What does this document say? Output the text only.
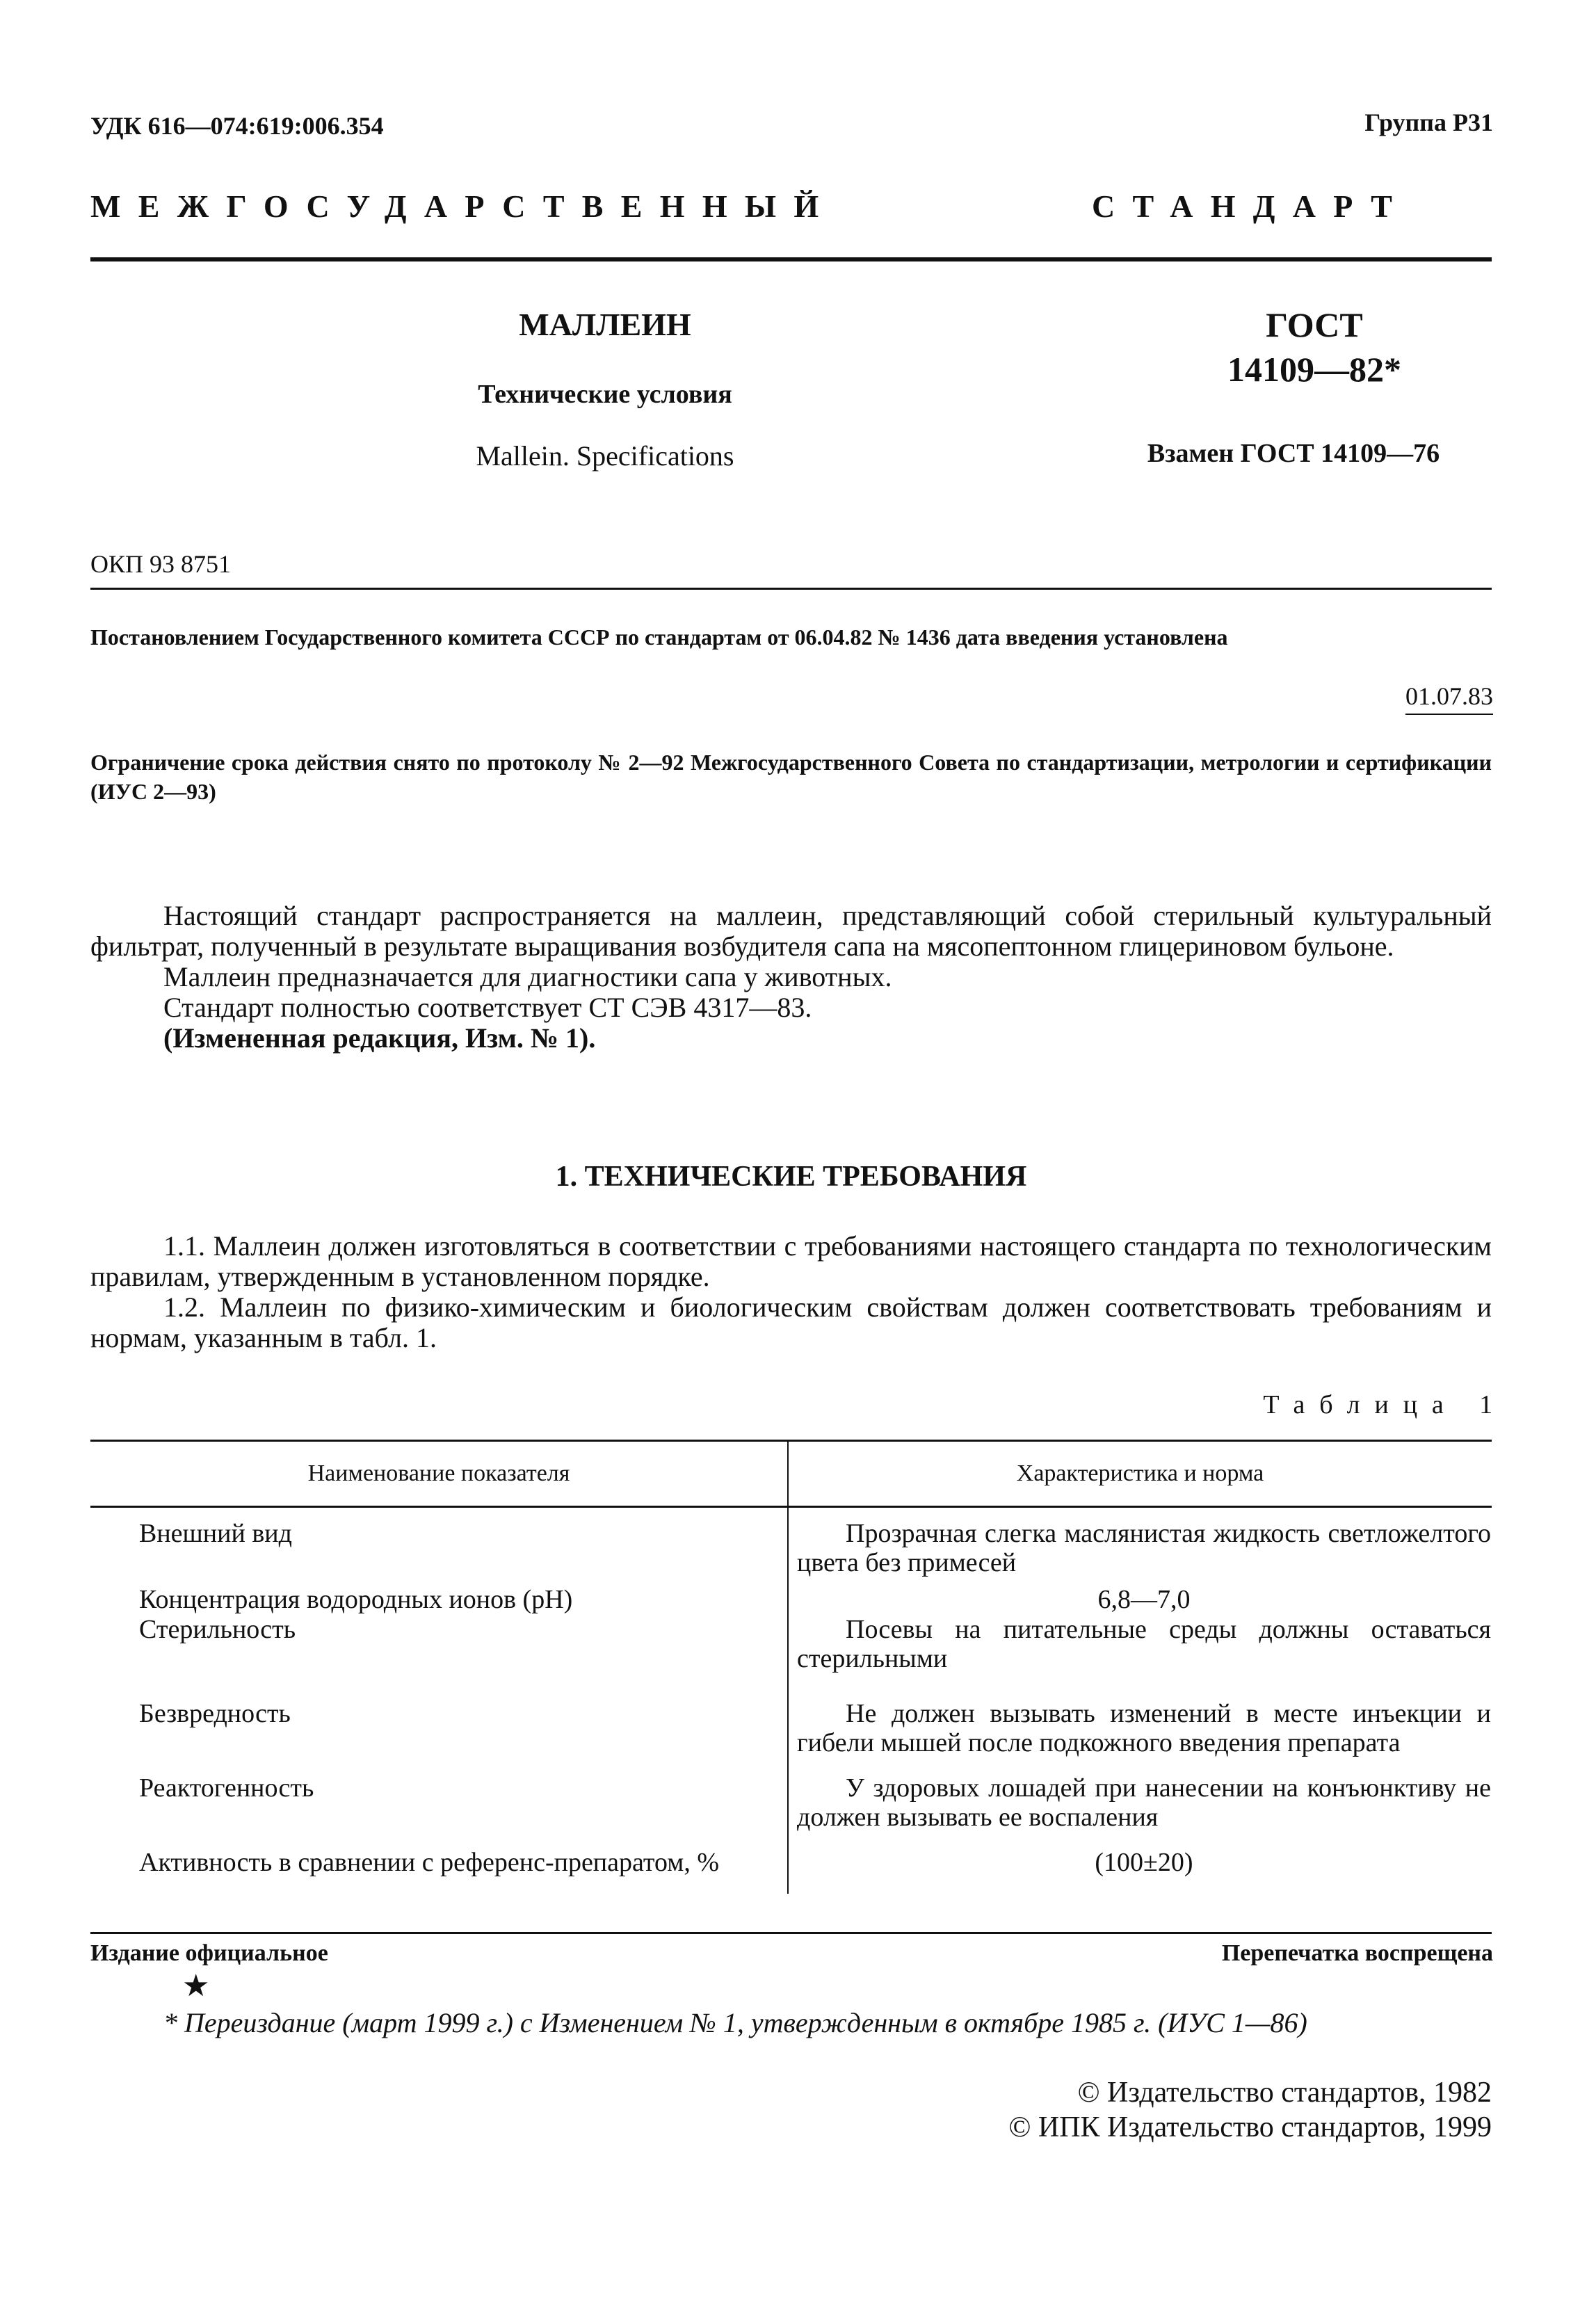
УДК 616—074:619:006.354	Группа Р31
МЕЖГОСУДАРСТВЕННЫЙ	СТАНДАРТ
МАЛЛЕИН
Технические условия
Mallein. Specifications
ГОСТ
14109—82*
Взамен ГОСТ 14109—76
ОКП 93 8751
Постановлением Государственного комитета СССР по стандартам от 06.04.82 № 1436 дата введения установлена
01.07.83
Ограничение срока действия снято по протоколу № 2—92 Межгосударственного Совета по стандартизации, метрологии и сертификации (ИУС 2—93)
Настоящий стандарт распространяется на маллеин, представляющий собой стерильный культуральный фильтрат, полученный в результате выращивания возбудителя сапа на мясопептонном глицериновом бульоне.
Маллеин предназначается для диагностики сапа у животных.
Стандарт полностью соответствует СТ СЭВ 4317—83.
(Измененная редакция, Изм. № 1).
1. ТЕХНИЧЕСКИЕ ТРЕБОВАНИЯ
1.1. Маллеин должен изготовляться в соответствии с требованиями настоящего стандарта по технологическим правилам, утвержденным в установленном порядке.
1.2. Маллеин по физико-химическим и биологическим свойствам должен соответствовать требованиям и нормам, указанным в табл. 1.
Таблица 1
Наименование показателя	Характеристика и норма
Внешний вид	Прозрачная слегка маслянистая жидкость светложелтого цвета без примесей
Концентрация водородных ионов (рН)	6,8—7,0
Стерильность	Посевы на питательные среды должны оставаться стерильными
Безвредность	Не должен вызывать изменений в месте инъекции и гибели мышей после подкожного введения препарата
Реактогенность	У здоровых лошадей при нанесении на конъюнктиву не должен вызывать ее воспаления
Активность в сравнении с референс-препаратом, %	(100±20)
Издание официальное	Перепечатка воспрещена
★
* Переиздание (март 1999 г.) с Изменением № 1, утвержденным в октябре 1985 г. (ИУС 1—86)
© Издательство стандартов, 1982
© ИПК Издательство стандартов, 1999
